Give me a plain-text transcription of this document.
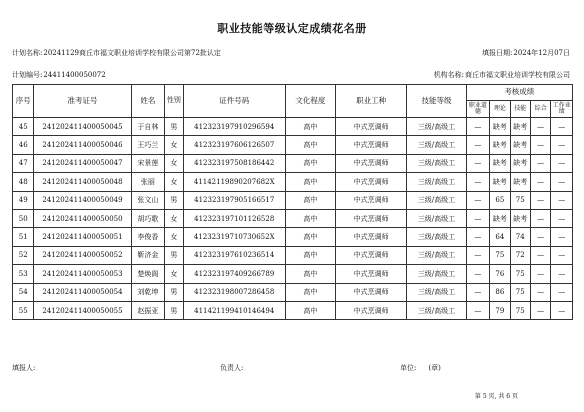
职业技能等级认定成绩花名册
计划名称:20241129商丘市福文职业培训学校有限公司第72批认定	填报日期:2024年12月07日
计划编号:24411400050072	机构名称:商丘市福文职业培训学校有限公司
序号	准考证号	姓名	性别	证件号码	文化程度	职业工种	技能等级	考核成绩				
								职业道德	理论	技能	综合	工作业绩
45	241202411400050045	于自林	男	412323197910296594	高中	中式烹调师	三级/高级工	—	缺考	缺考	—	—
46	241202411400050046	王巧兰	女	412323197606126507	高中	中式烹调师	三级/高级工	—	缺考	缺考	—	—
47	241202411400050047	宋景莲	女	412323197508186442	高中	中式烹调师	三级/高级工	—	缺考	缺考	—	—
48	241202411400050048	张丽	女	41142119890207682X	高中	中式烹调师	三级/高级工	—	缺考	缺考	—	—
49	241202411400050049	张文山	男	412323197905166517	高中	中式烹调师	三级/高级工	—	65	75	—	—
50	241202411400050050	胡巧歌	女	412323197101126528	高中	中式烹调师	三级/高级工	—	缺考	缺考	—	—
51	241202411400050051	李俊香	女	41232319710730652X	高中	中式烹调师	三级/高级工	—	64	74	—	—
52	241202411400050052	靳济金	男	412323197610236514	高中	中式烹调师	三级/高级工	—	75	72	—	—
53	241202411400050053	楚焕阁	女	412323197409266789	高中	中式烹调师	三级/高级工	—	76	75	—	—
54	241202411400050054	刘乾坤	男	412323198007286458	高中	中式烹调师	三级/高级工	—	86	75	—	—
55	241202411400050055	赵振亚	男	411421199410146494	高中	中式烹调师	三级/高级工	—	79	75	—	—
填报人:	负责人:	单位: (章)
第 5 页, 共 6 页
